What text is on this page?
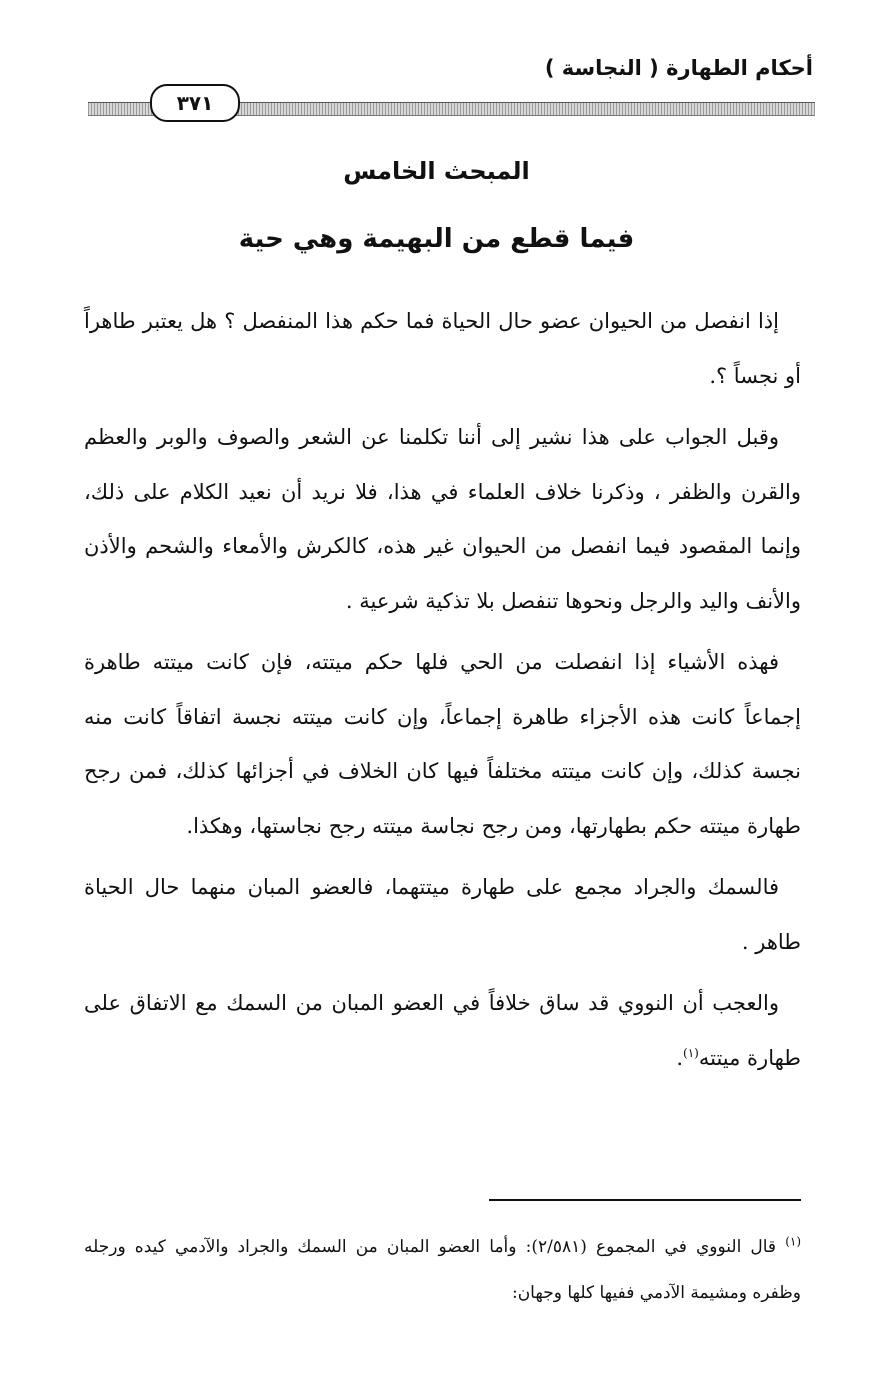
أحكام الطهارة ( النجاسة )
٣٧١
المبحث الخامس
فيما قطع من البهيمة وهي حية

إذا انفصل من الحيوان عضو حال الحياة فما حكم هذا المنفصل ؟ هل يعتبر طاهراً أو نجساً ؟.

وقبل الجواب على هذا نشير إلى أننا تكلمنا عن الشعر والصوف والوبر والعظم والقرن والظفر ، وذكرنا خلاف العلماء في هذا، فلا نريد أن نعيد الكلام على ذلك، وإنما المقصود فيما انفصل من الحيوان غير هذه، كالكرش والأمعاء والشحم والأذن والأنف واليد والرجل ونحوها تنفصل بلا تذكية شرعية .

فهذه الأشياء إذا انفصلت من الحي فلها حكم ميتته، فإن كانت ميتته طاهرة إجماعاً كانت هذه الأجزاء طاهرة إجماعاً، وإن كانت ميتته نجسة اتفاقاً كانت منه نجسة كذلك، وإن كانت ميتته مختلفاً فيها كان الخلاف في أجزائها كذلك، فمن رجح طهارة ميتته حكم بطهارتها، ومن رجح نجاسة ميتته رجح نجاستها، وهكذا.

فالسمك والجراد مجمع على طهارة ميتتهما، فالعضو المبان منهما حال الحياة طاهر .

والعجب أن النووي قد ساق خلافاً في العضو المبان من السمك مع الاتفاق على طهارة ميتته$^{(١)}$.

$^{(١)}$ قال النووي في المجموع (٢/٥٨١): وأما العضو المبان من السمك والجراد والآدمي كيده ورجله وظفره ومشيمة الآدمي ففيها كلها وجهان:
